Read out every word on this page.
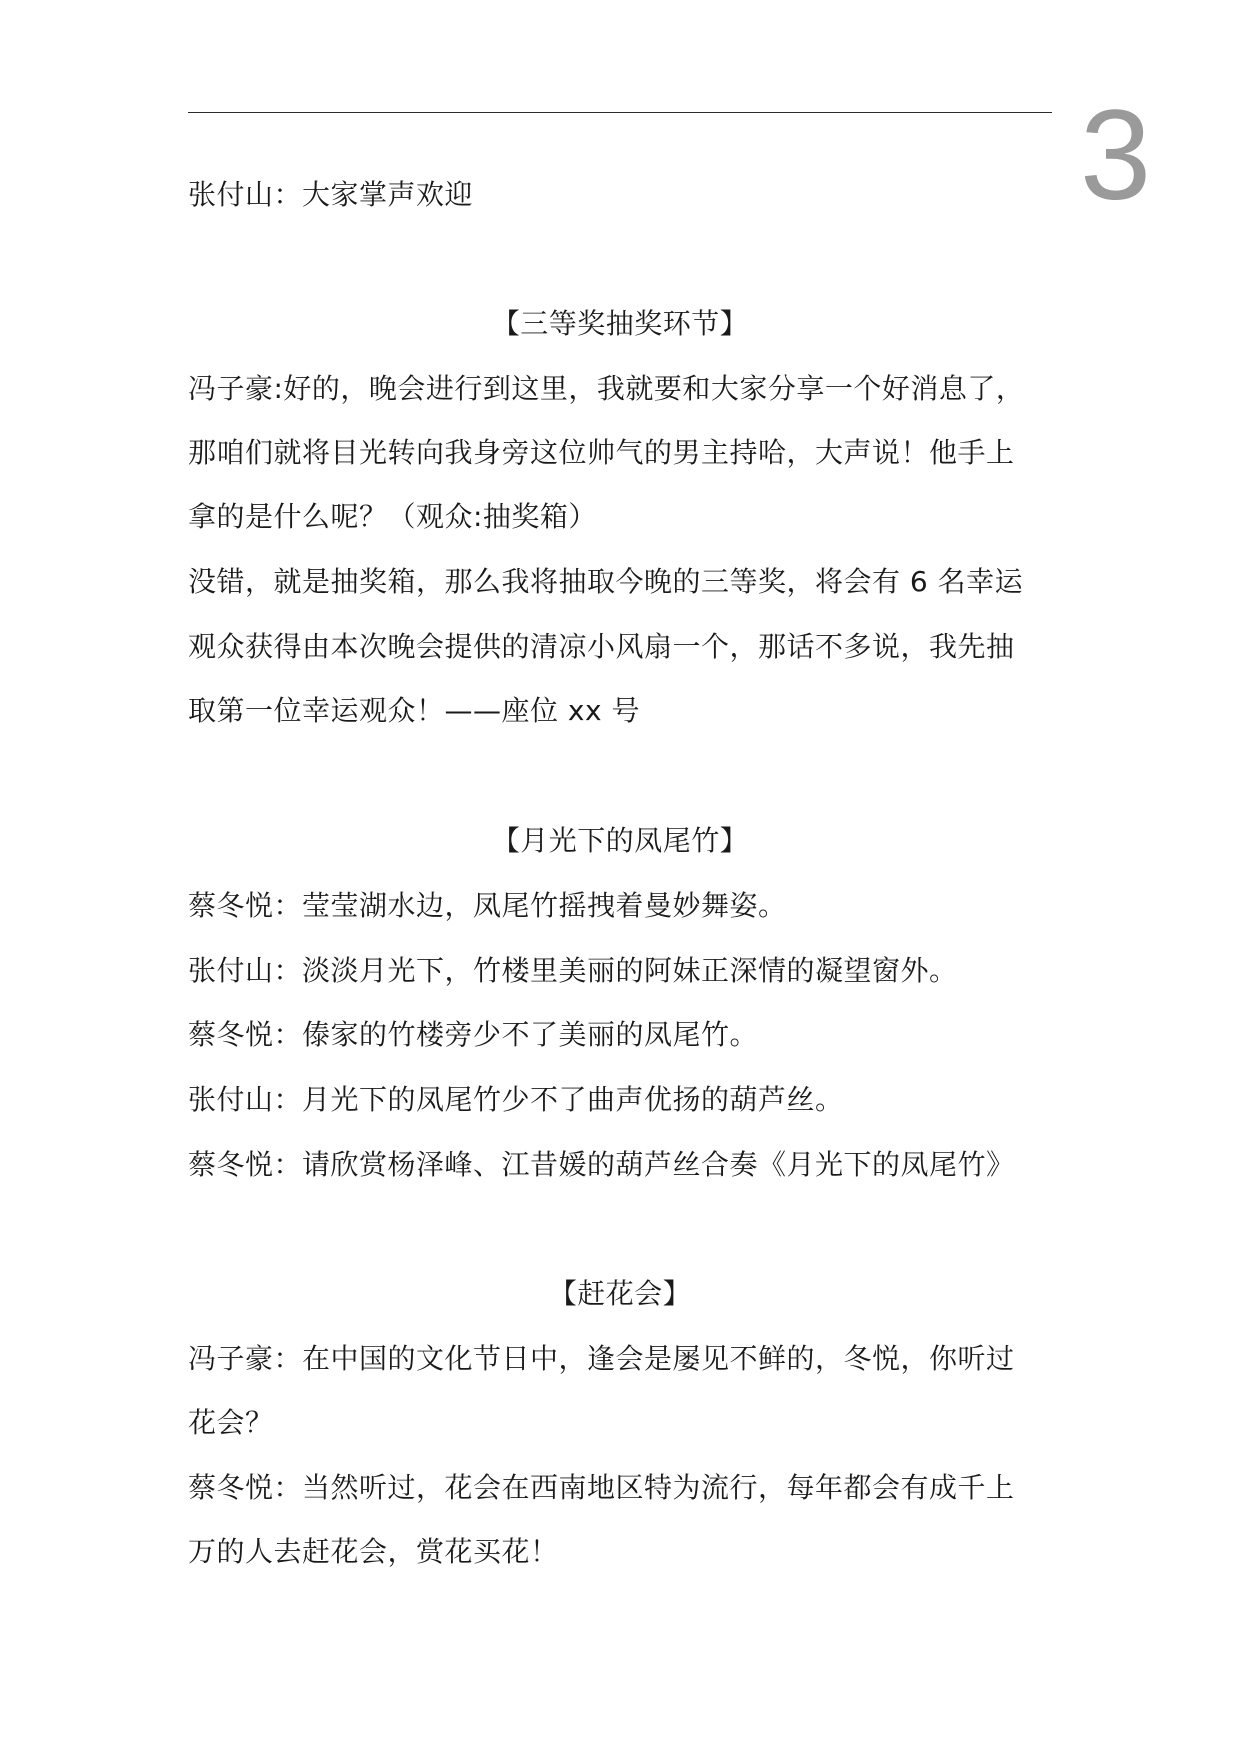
3
张付山：大家掌声欢迎
【三等奖抽奖环节】
冯子豪:好的，晚会进行到这里，我就要和大家分享一个好消息了，
那咱们就将目光转向我身旁这位帅气的男主持哈，大声说！他手上
拿的是什么呢？（观众:抽奖箱）
没错，就是抽奖箱，那么我将抽取今晚的三等奖，将会有 6 名幸运
观众获得由本次晚会提供的清凉小风扇一个，那话不多说，我先抽
取第一位幸运观众！——座位 xx 号
【月光下的凤尾竹】
蔡冬悦：莹莹湖水边，凤尾竹摇拽着曼妙舞姿。
张付山：淡淡月光下，竹楼里美丽的阿妹正深情的凝望窗外。
蔡冬悦：傣家的竹楼旁少不了美丽的凤尾竹。
张付山：月光下的凤尾竹少不了曲声优扬的葫芦丝。
蔡冬悦：请欣赏杨泽峰、江昔媛的葫芦丝合奏《月光下的凤尾竹》
【赶花会】
冯子豪：在中国的文化节日中，逢会是屡见不鲜的，冬悦，你听过
花会？
蔡冬悦：当然听过，花会在西南地区特为流行，每年都会有成千上
万的人去赶花会，赏花买花！
